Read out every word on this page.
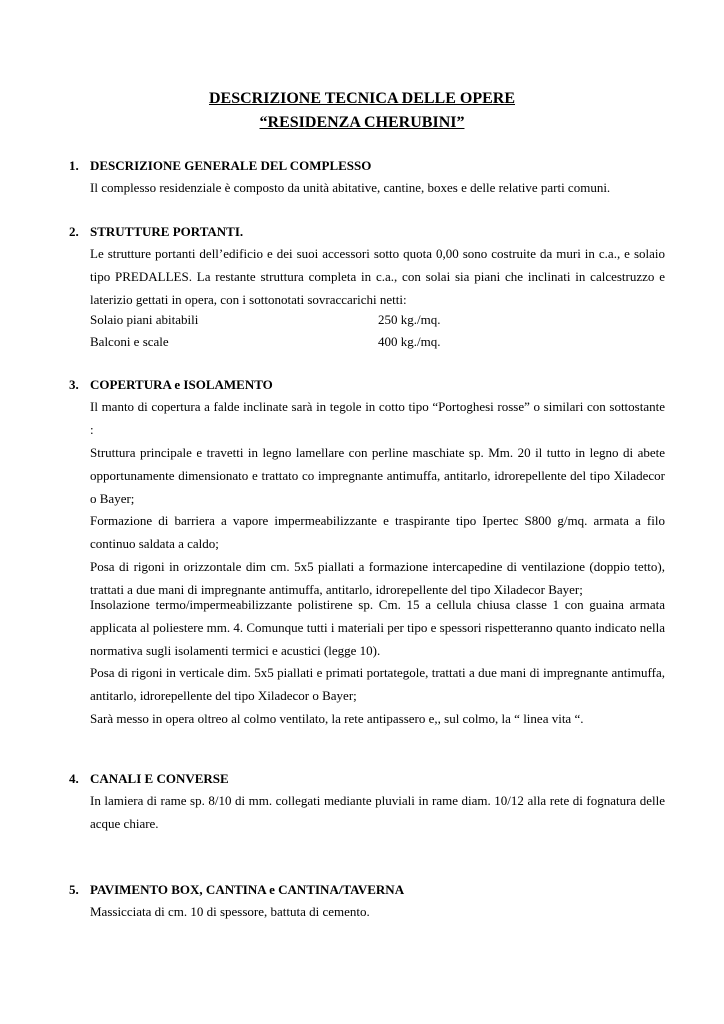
DESCRIZIONE TECNICA DELLE OPERE
“RESIDENZA CHERUBINI”
1. DESCRIZIONE GENERALE DEL COMPLESSO
Il complesso residenziale è composto da unità abitative, cantine, boxes e delle relative parti comuni.
2. STRUTTURE PORTANTI.
Le strutture portanti dell’edificio e dei suoi accessori sotto quota 0,00 sono costruite da muri in c.a., e solaio tipo PREDALLES. La restante struttura completa in c.a., con solai sia piani che inclinati in calcestruzzo e laterizio gettati in opera, con i sottonotati sovraccarichi netti:
Solaio piani abitabili	250 kg./mq.
Balconi e scale	400 kg./mq.
3. COPERTURA e ISOLAMENTO
Il manto di copertura a falde inclinate sarà in tegole in cotto tipo “Portoghesi rosse” o similari con sottostante :
Struttura principale e travetti in legno lamellare con perline maschiate sp. Mm. 20 il tutto in legno di abete opportunamente dimensionato e trattato co impregnante antimuffa, antitarlo, idrorepellente del tipo Xiladecor o Bayer;
Formazione di barriera a vapore impermeabilizzante e traspirante tipo Ipertec S800 g/mq. armata a filo continuo saldata a caldo;
Posa di rigoni in orizzontale dim cm. 5x5 piallati a formazione intercapedine di ventilazione (doppio tetto), trattati a due mani di impregnante antimuffa, antitarlo, idrorepellente del tipo Xiladecor Bayer;
Insolazione termo/impermeabilizzante polistirene sp. Cm. 15 a cellula chiusa classe 1 con guaina armata applicata al poliestere mm. 4. Comunque tutti i materiali per tipo e spessori rispetteranno quanto indicato nella normativa sugli isolamenti termici e acustici (legge 10).
Posa di rigoni in verticale dim. 5x5 piallati e primati portategole, trattati a due mani di impregnante antimuffa, antitarlo, idrorepellente del tipo Xiladecor o Bayer;
Sarà messo in opera oltreo al colmo ventilato, la rete antipassero e,, sul colmo, la “ linea vita “.
4. CANALI E CONVERSE
In lamiera di rame sp. 8/10 di mm. collegati mediante pluviali in rame diam. 10/12 alla rete di fognatura delle acque chiare.
5. PAVIMENTO BOX, CANTINA e CANTINA/TAVERNA
Massicciata di cm. 10 di spessore, battuta di cemento.
